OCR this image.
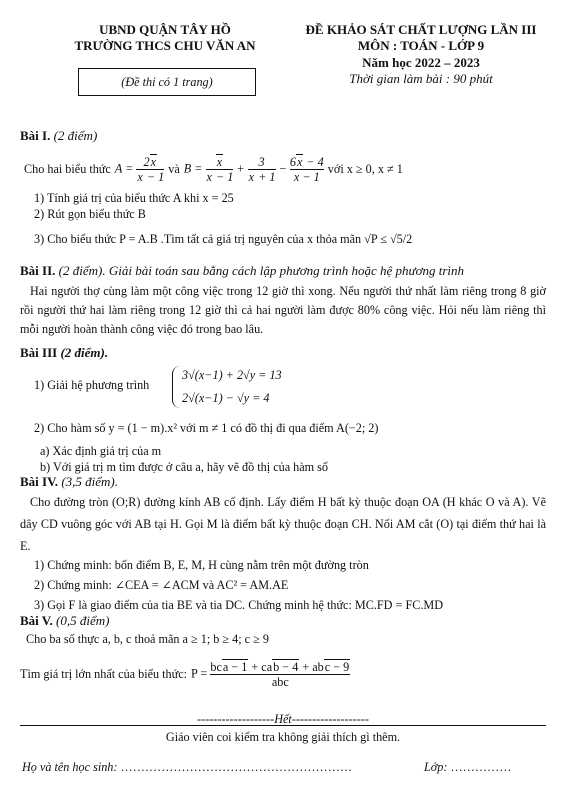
UBND QUẬN TÂY HỒ
TRƯỜNG THCS CHU VĂN AN
(Đề thi có 1 trang)
ĐỀ KHẢO SÁT CHẤT LƯỢNG LẦN III
MÔN : TOÁN - LỚP 9
Năm học 2022 – 2023
Thời gian làm bài : 90 phút
Bài I. (2 điểm)
Cho hai biểu thức $A = \frac{2x}{x - 1}$ và $B = \frac{x}{x - 1} + \frac{3}{x + 1} - \frac{6x - 4}{x - 1}$ với x ≥ 0, x ≠ 1
1) Tính giá trị của biểu thức A khi x = 25
2) Rút gọn biểu thức B
3) Cho biểu thức P = A.B .Tìm tất cả giá trị nguyên của x thỏa mãn √P ≤ √5/2
Bài II. (2 điểm). Giải bài toán sau bằng cách lập phương trình hoặc hệ phương trình
Hai người thợ cùng làm một công việc trong 12 giờ thì xong. Nếu người thứ nhất làm riêng trong 8 giờ rồi người thứ hai làm riêng trong 12 giờ thì cả hai người làm được 80% công việc. Hỏi nếu làm riêng thì mỗi người hoàn thành công việc đó trong bao lâu.
Bài III (2 điểm).
1) Giải hệ phương trình
3√(x−1) + 2√y = 13
2√(x−1) − √y = 4
2) Cho hàm số y = (1 − m).x² với m ≠ 1 có đồ thị đi qua điểm A(−2; 2)
a) Xác định giá trị của m
b) Với giá trị m tìm được ở câu a, hãy vẽ đồ thị của hàm số
Bài IV. (3,5 điểm).
Cho đường tròn (O;R) đường kính AB cố định. Lấy điểm H bất kỳ thuộc đoạn OA (H khác O và A). Vẽ dây CD vuông góc với AB tại H. Gọi M là điểm bất kỳ thuộc đoạn CH. Nối AM cắt (O) tại điểm thứ hai là E.
1) Chứng minh: bốn điểm B, E, M, H cùng nằm trên một đường tròn
2) Chứng minh: ∠CEA = ∠ACM và AC² = AM.AE
3) Gọi F là giao điểm của tia BE và tia DC. Chứng minh hệ thức: MC.FD = FC.MD
Bài V. (0,5 điểm)
Cho ba số thực a, b, c thoả mãn a ≥ 1; b ≥ 4; c ≥ 9
Tìm giá trị lớn nhất của biểu thức: $P = \frac{\text{bca − 1 + cab − 4 + abc − 9}}{\text{abc}}$
-------------------Hết-------------------
Giáo viên coi kiểm tra không giải thích gì thêm.
Họ và tên học sinh: …………………………………………………	Lớp: ……………
